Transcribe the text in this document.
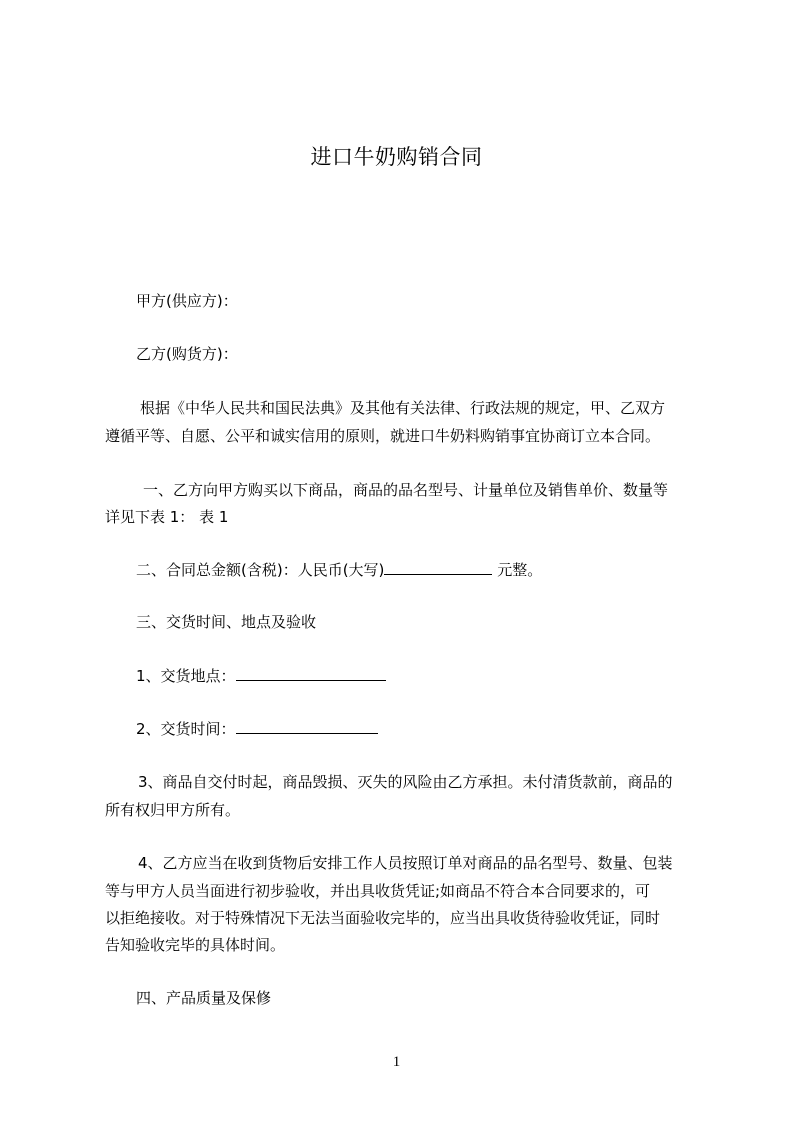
进口牛奶购销合同
甲方(供应方)：
乙方(购货方)：
根据《中华人民共和国民法典》及其他有关法律、行政法规的规定，甲、乙双方
遵循平等、自愿、公平和诚实信用的原则，就进口牛奶料购销事宜协商订立本合同。
一、乙方向甲方购买以下商品，商品的品名型号、计量单位及销售单价、数量等
详见下表 1： 表 1
二、合同总金额(含税)：人民币(大写)	元整。
三、交货时间、地点及验收
1、交货地点：
2、交货时间：
3、商品自交付时起，商品毁损、灭失的风险由乙方承担。未付清货款前，商品的
所有权归甲方所有。
4、乙方应当在收到货物后安排工作人员按照订单对商品的品名型号、数量、包装
等与甲方人员当面进行初步验收，并出具收货凭证;如商品不符合本合同要求的，可
以拒绝接收。对于特殊情况下无法当面验收完毕的，应当出具收货待验收凭证，同时
告知验收完毕的具体时间。
四、产品质量及保修
1
